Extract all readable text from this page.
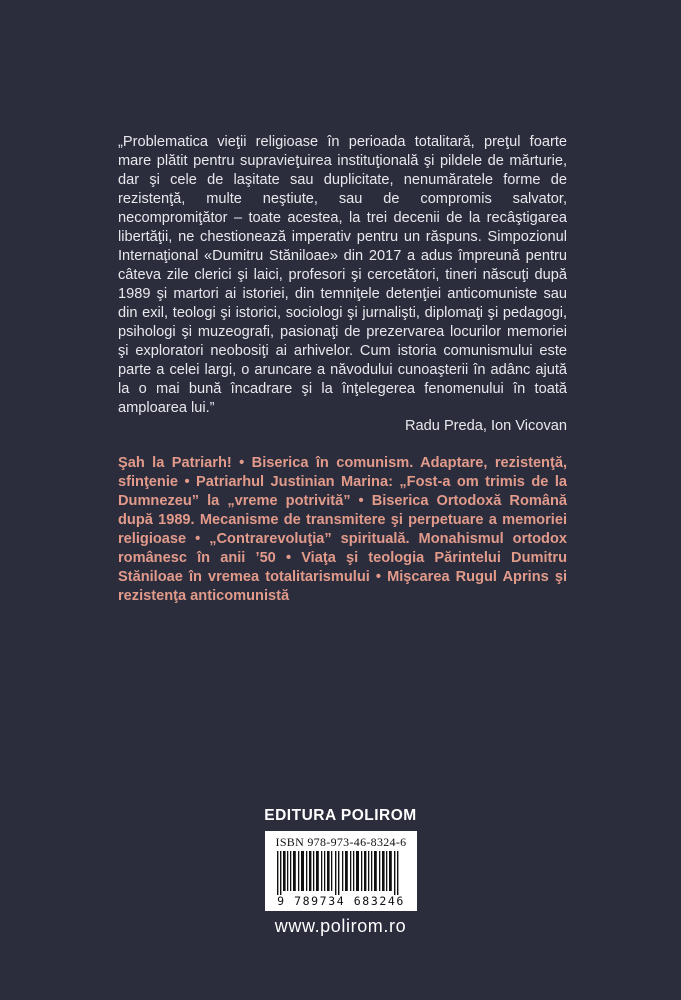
„Problematica vieţii religioase în perioada totalitară, preţul foarte mare plătit pentru supravieţuirea instituţională şi pildele de mărturie, dar şi cele de laşitate sau duplicitate, nenumăratele forme de rezistenţă, multe neştiute, sau de compromis salvator, necompromiţător – toate acestea, la trei decenii de la recâştigarea libertăţii, ne chestionează imperativ pentru un răspuns. Simpozionul Internaţional «Dumitru Stăniloae» din 2017 a adus împreună pentru câteva zile clerici şi laici, profesori şi cercetători, tineri născuţi după 1989 şi martori ai istoriei, din temniţele detenţiei anticomuniste sau din exil, teologi şi istorici, sociologi şi jurnalişti, diplomaţi şi pedagogi, psihologi şi muzeografi, pasionaţi de prezervarea locurilor memoriei şi exploratori neobosiţi ai arhivelor. Cum istoria comunismului este parte a celei largi, o aruncare a năvodului cunoaşterii în adânc ajută la o mai bună încadrare şi la înţelegerea fenomenului în toată amploarea lui.”

Radu Preda, Ion Vicovan

Şah la Patriarh! • Biserica în comunism. Adaptare, rezistenţă, sfinţenie • Patriarhul Justinian Marina: „Fost-a om trimis de la Dumnezeu” la „vreme potrivită” • Biserica Ortodoxă Română după 1989. Mecanisme de transmitere şi perpetuare a memoriei religioase • „Contrarevoluţia” spirituală. Monahismul ortodox românesc în anii ’50 • Viaţa şi teologia Părintelui Dumitru Stăniloae în vremea totalitarismului • Mişcarea Rugul Aprins şi rezistenţa anticomunistă

EDITURA POLIROM
ISBN 978-973-46-8324-6
9 789734 683246
www.polirom.ro
